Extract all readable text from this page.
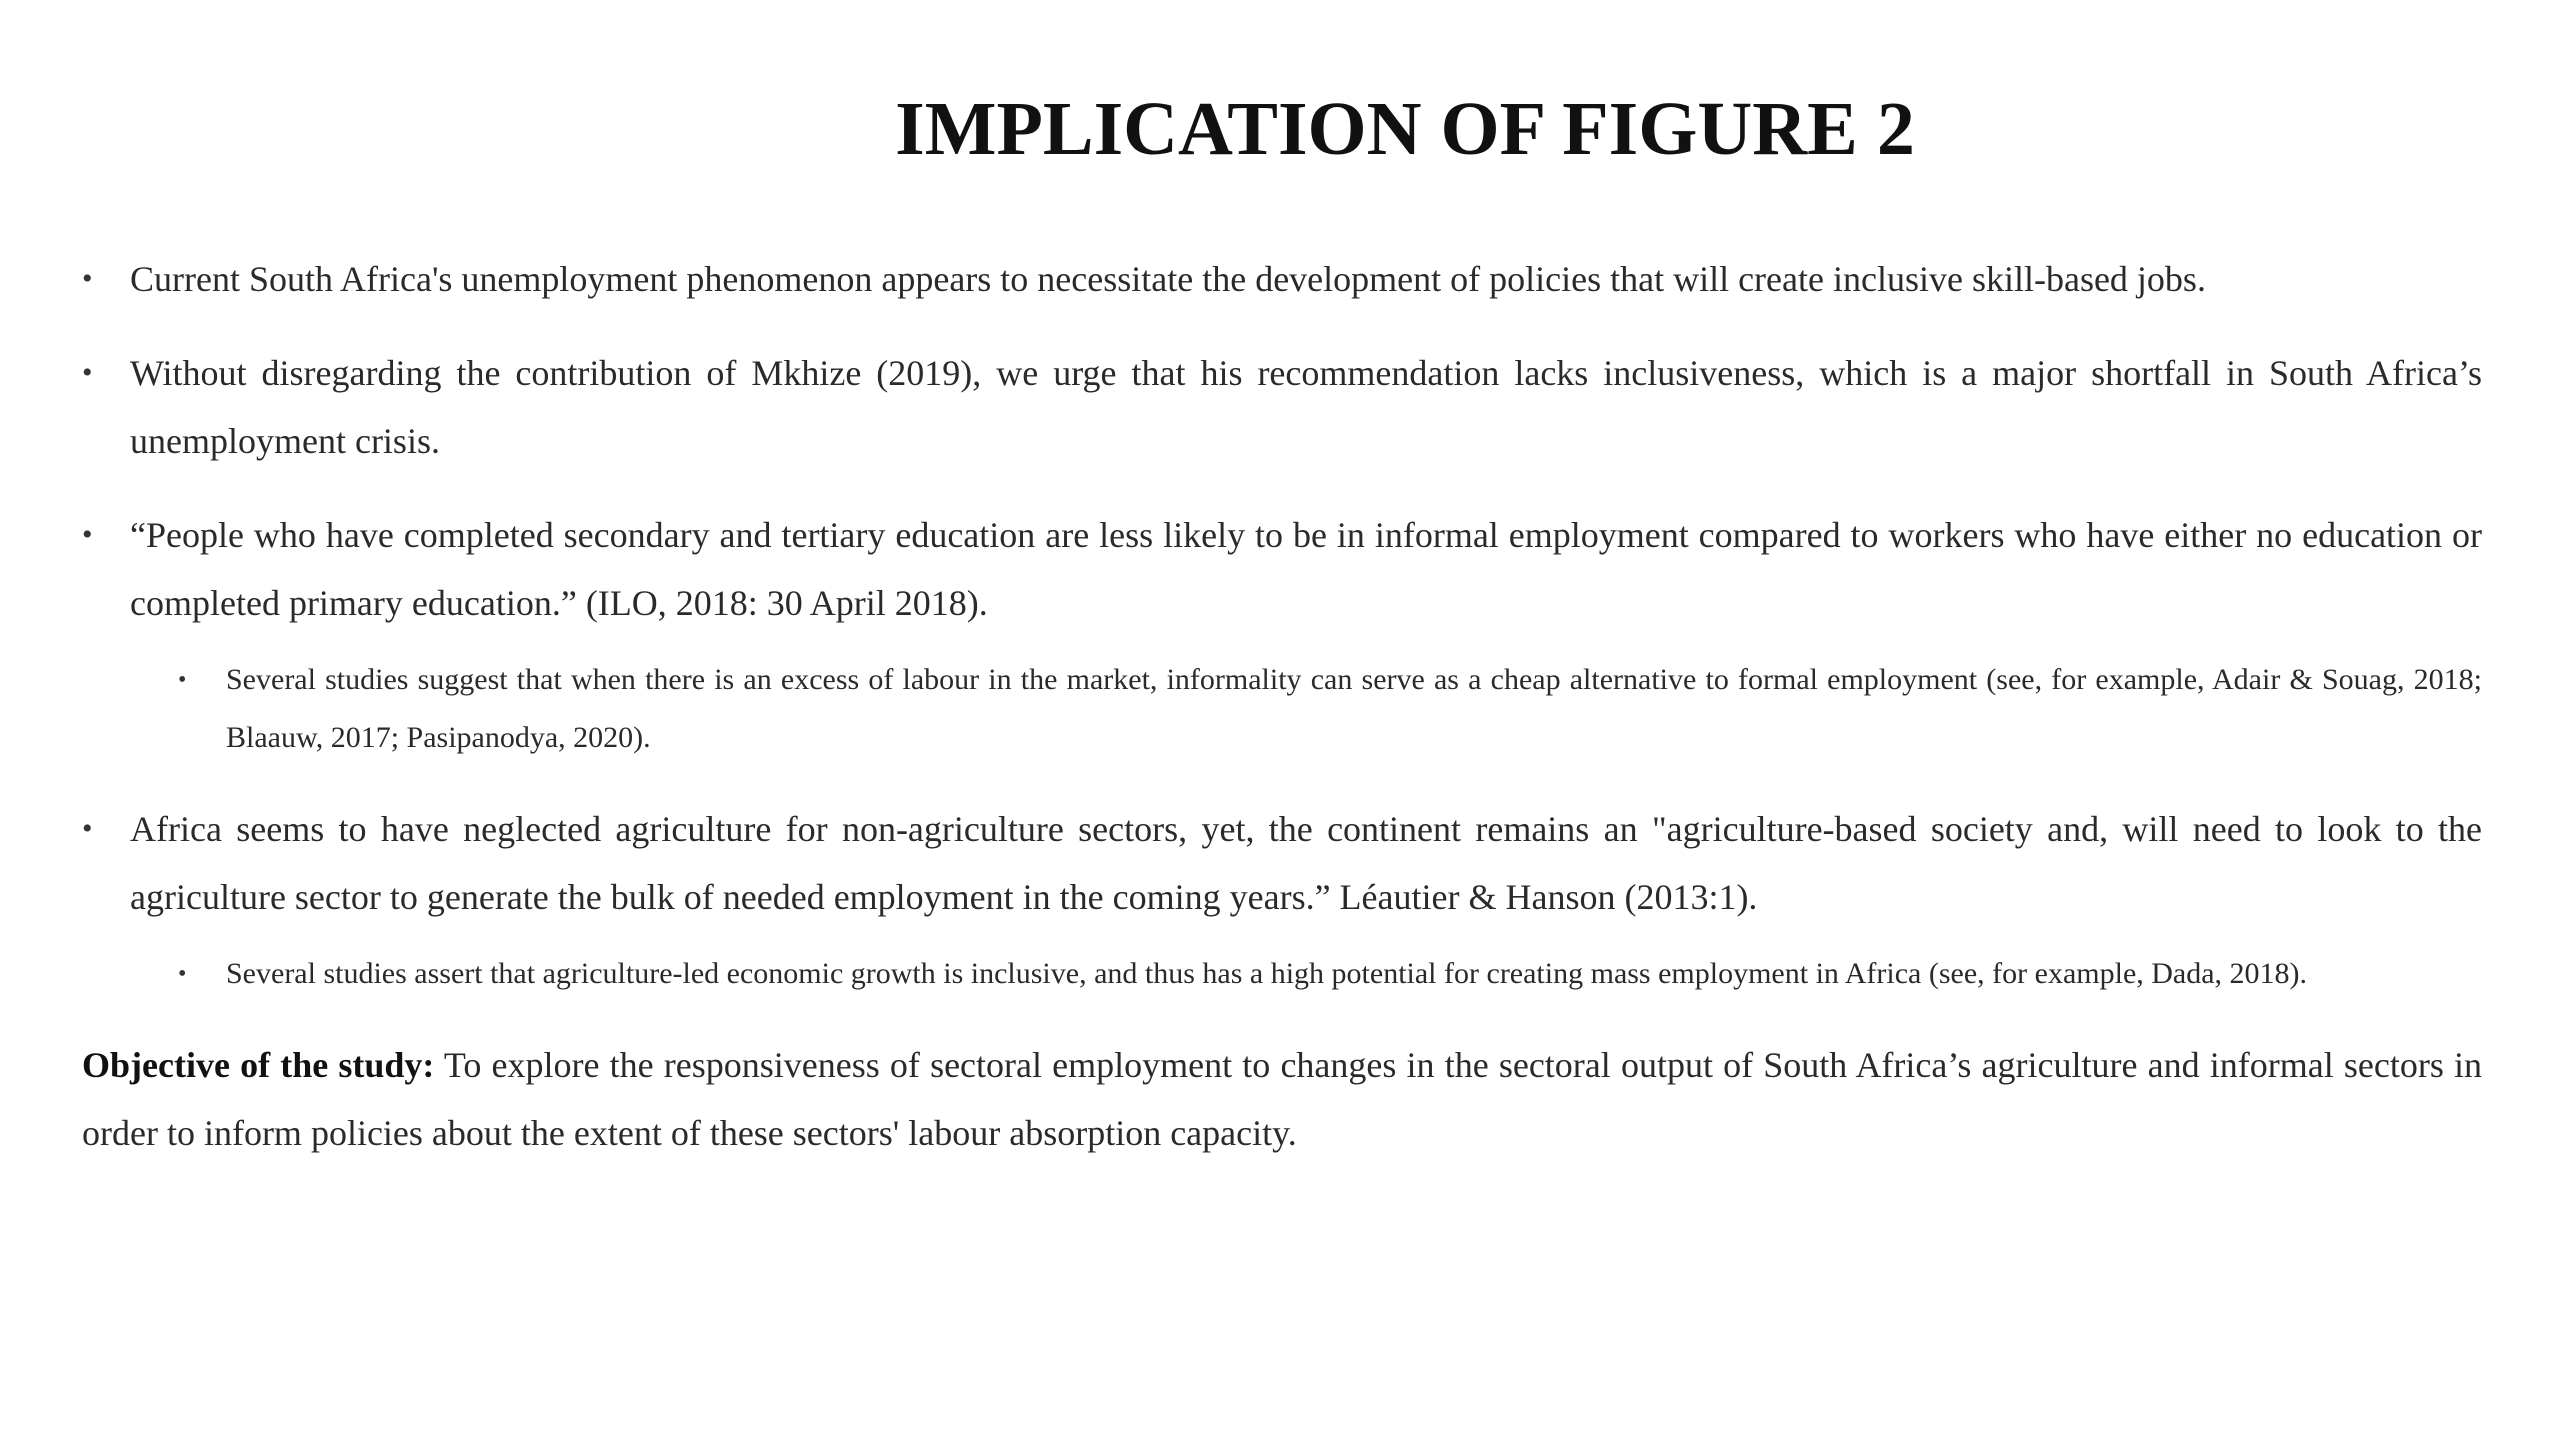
IMPLICATION OF FIGURE 2
• Current South Africa's unemployment phenomenon appears to necessitate the development of policies that will create inclusive skill-based jobs.
• Without disregarding the contribution of Mkhize (2019), we urge that his recommendation lacks inclusiveness, which is a major shortfall in South Africa’s unemployment crisis.
• “People who have completed secondary and tertiary education are less likely to be in informal employment compared to workers who have either no education or completed primary education.” (ILO, 2018: 30 April 2018).
• Several studies suggest that when there is an excess of labour in the market, informality can serve as a cheap alternative to formal employment (see, for example, Adair & Souag, 2018; Blaauw, 2017; Pasipanodya, 2020).
• Africa seems to have neglected agriculture for non-agriculture sectors, yet, the continent remains an "agriculture-based society and, will need to look to the agriculture sector to generate the bulk of needed employment in the coming years.” Léautier & Hanson (2013:1).
• Several studies assert that agriculture-led economic growth is inclusive, and thus has a high potential for creating mass employment in Africa (see, for example, Dada, 2018).

Objective of the study: To explore the responsiveness of sectoral employment to changes in the sectoral output of South Africa’s agriculture and informal sectors in order to inform policies about the extent of these sectors' labour absorption capacity.
